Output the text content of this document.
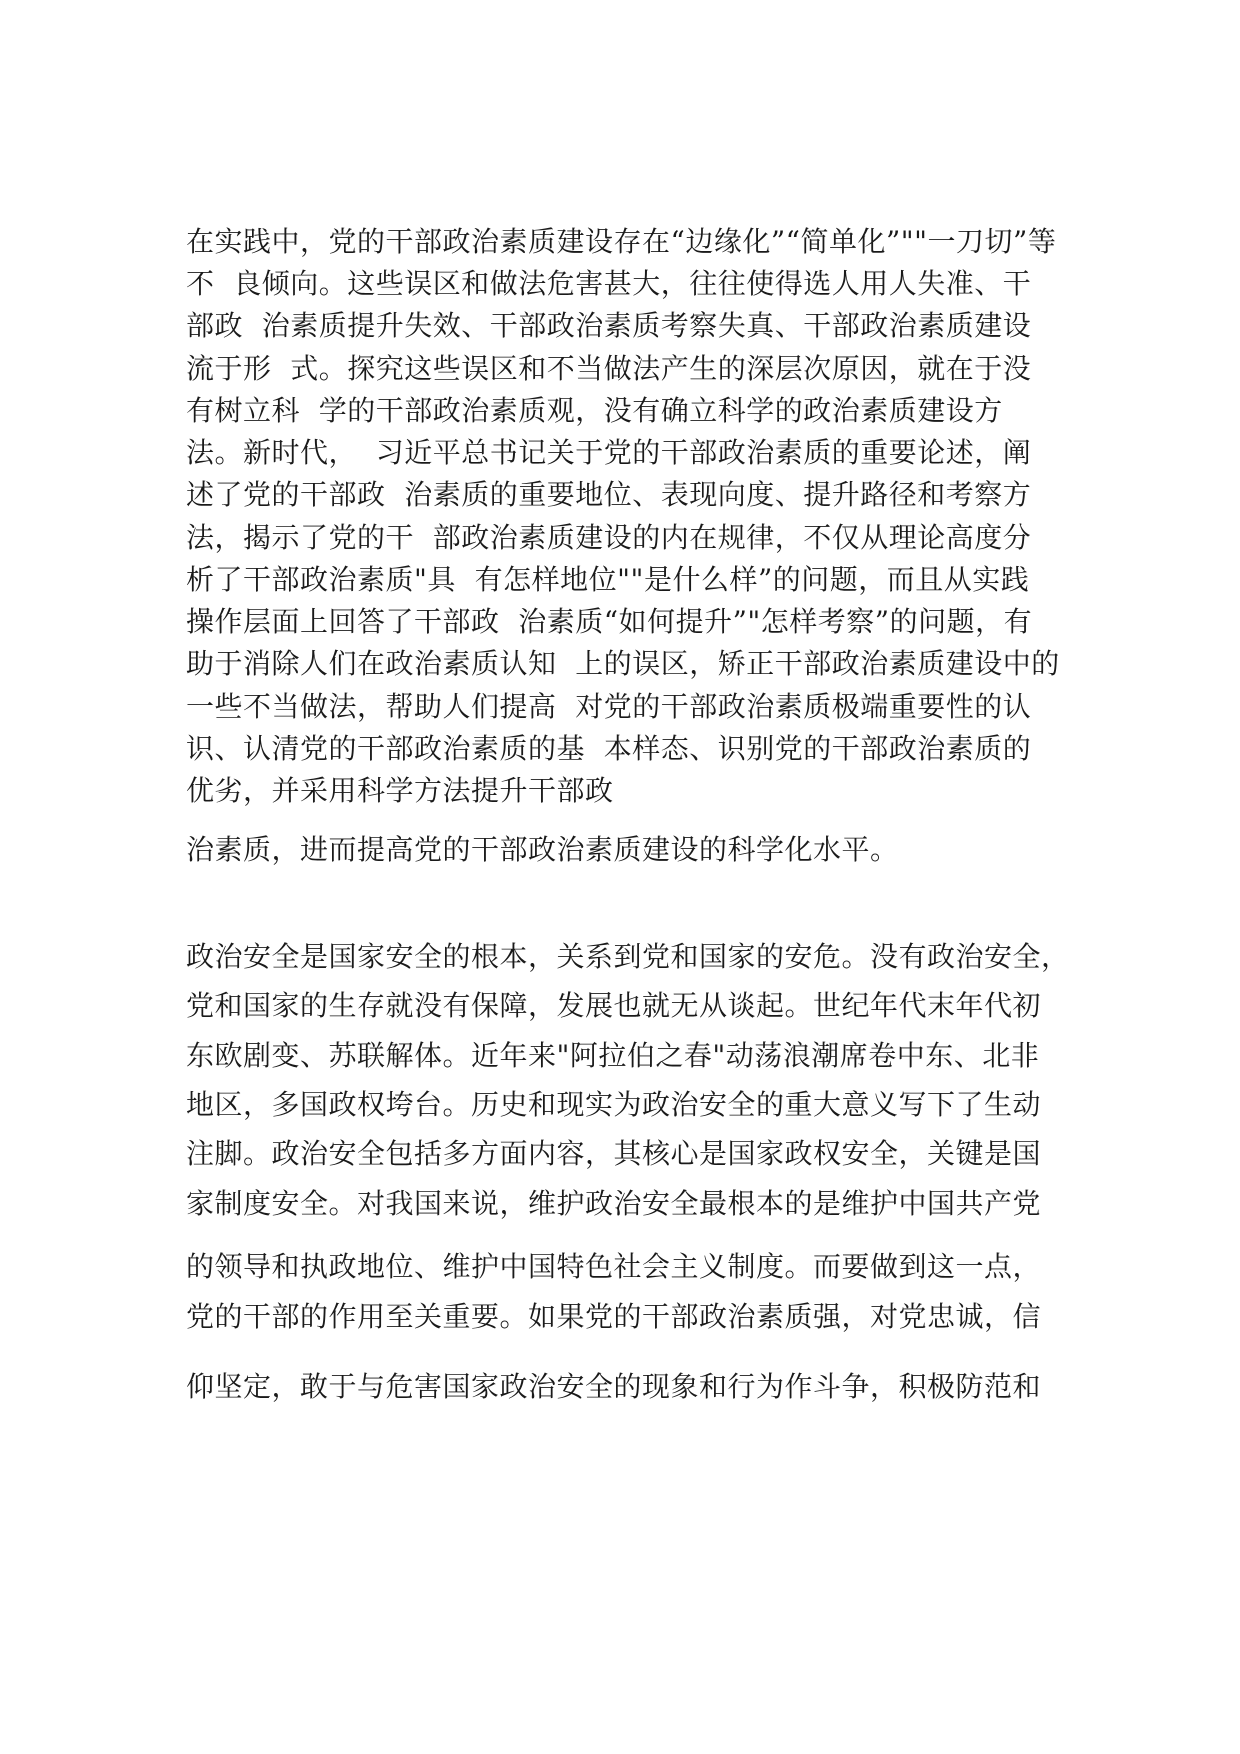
在实践中，党的干部政治素质建设存在“边缘化”“简单化”""一刀切”等
不  良倾向。这些误区和做法危害甚大，往往使得选人用人失准、干
部政  治素质提升失效、干部政治素质考察失真、干部政治素质建设
流于形  式。探究这些误区和不当做法产生的深层次原因，就在于没
有树立科  学的干部政治素质观，没有确立科学的政治素质建设方
法。新时代，  习近平总书记关于党的干部政治素质的重要论述，阐
述了党的干部政  治素质的重要地位、表现向度、提升路径和考察方
法，揭示了党的干  部政治素质建设的内在规律，不仅从理论高度分
析了干部政治素质"具  有怎样地位""是什么样”的问题，而且从实践
操作层面上回答了干部政  治素质“如何提升”"怎样考察”的问题，有
助于消除人们在政治素质认知  上的误区，矫正干部政治素质建设中的
一些不当做法，帮助人们提高  对党的干部政治素质极端重要性的认
识、认清党的干部政治素质的基  本样态、识别党的干部政治素质的
优劣，并采用科学方法提升干部政
治素质，进而提高党的干部政治素质建设的科学化水平。
政治安全是国家安全的根本，关系到党和国家的安危。没有政治安全，
党和国家的生存就没有保障，发展也就无从谈起。世纪年代末年代初
东欧剧变、苏联解体。近年来"阿拉伯之春"动荡浪潮席卷中东、北非
地区，多国政权垮台。历史和现实为政治安全的重大意义写下了生动
注脚。政治安全包括多方面内容，其核心是国家政权安全，关键是国
家制度安全。对我国来说，维护政治安全最根本的是维护中国共产党
的领导和执政地位、维护中国特色社会主义制度。而要做到这一点，
党的干部的作用至关重要。如果党的干部政治素质强，对党忠诚，信
仰坚定，敢于与危害国家政治安全的现象和行为作斗争，积极防范和
